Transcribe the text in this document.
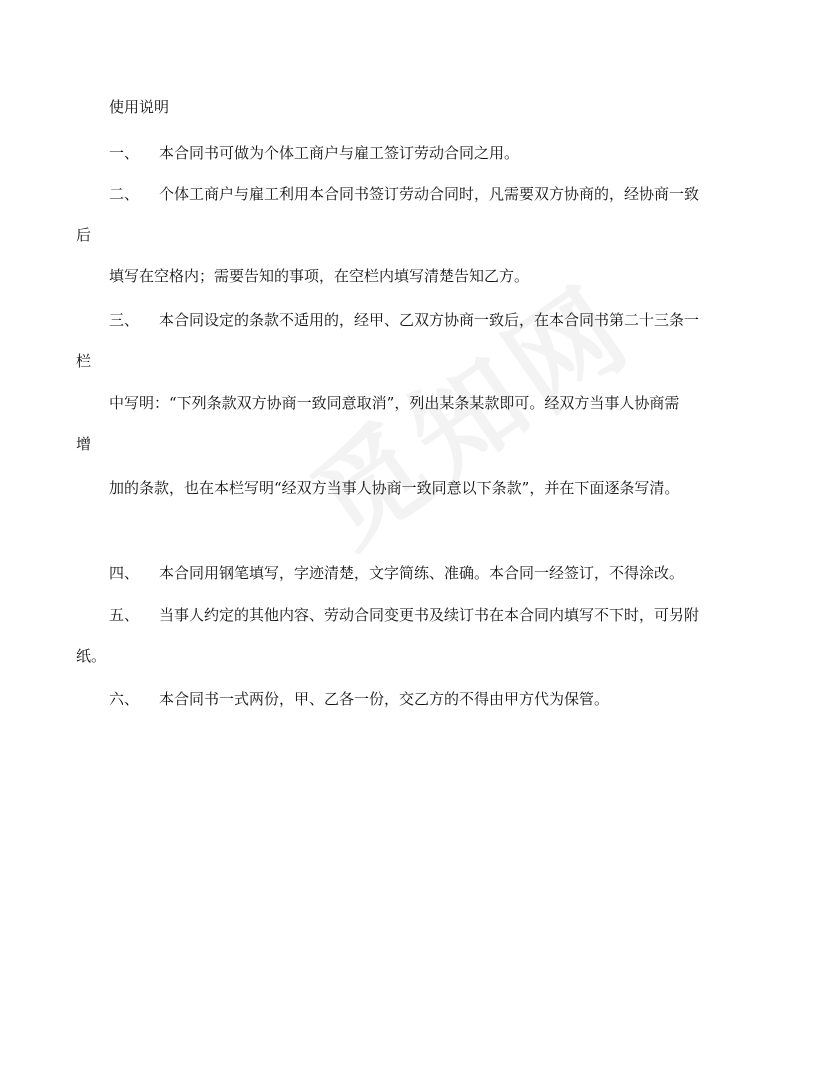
使用说明
一、 本合同书可做为个体工商户与雇工签订劳动合同之用。
二、 个体工商户与雇工利用本合同书签订劳动合同时，凡需要双方协商的，经协商一致
后
填写在空格内；需要告知的事项，在空栏内填写清楚告知乙方。
三、 本合同设定的条款不适用的，经甲、乙双方协商一致后，在本合同书第二十三条一
栏
中写明：“下列条款双方协商一致同意取消”，列出某条某款即可。经双方当事人协商需
增
加的条款，也在本栏写明“经双方当事人协商一致同意以下条款”，并在下面逐条写清。
四、 本合同用钢笔填写，字迹清楚，文字简练、准确。本合同一经签订，不得涂改。
五、 当事人约定的其他内容、劳动合同变更书及续订书在本合同内填写不下时，可另附
纸。
六、 本合同书一式两份，甲、乙各一份，交乙方的不得由甲方代为保管。
